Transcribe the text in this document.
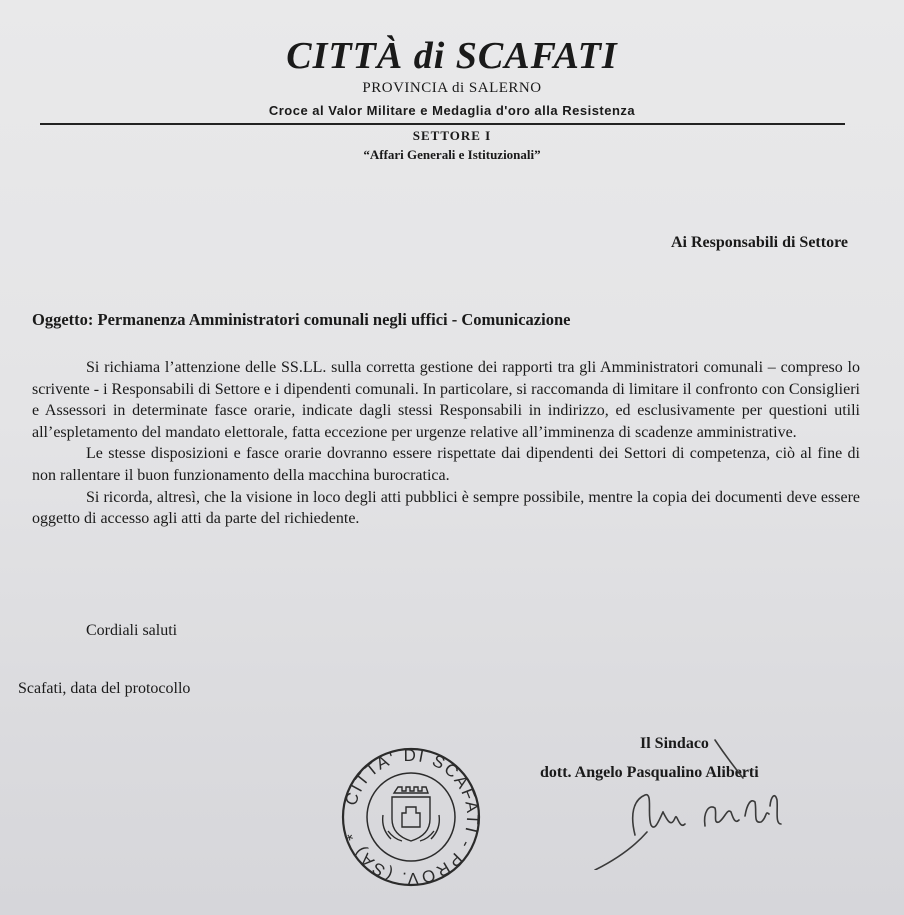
CITTÀ di SCAFATI
PROVINCIA di SALERNO
Croce al Valor Militare e Medaglia d'oro alla Resistenza
SETTORE I
“Affari Generali e Istituzionali”
Ai Responsabili di Settore
Oggetto: Permanenza Amministratori comunali negli uffici - Comunicazione

Si richiama l’attenzione delle SS.LL. sulla corretta gestione dei rapporti tra gli Amministratori comunali – compreso lo scrivente - i Responsabili di Settore e i dipendenti comunali. In particolare, si raccomanda di limitare il confronto con Consiglieri e Assessori in determinate fasce orarie, indicate dagli stessi Responsabili in indirizzo, ed esclusivamente per questioni utili all’espletamento del mandato elettorale, fatta eccezione per urgenze relative all’imminenza di scadenze amministrative.

Le stesse disposizioni e fasce orarie dovranno essere rispettate dai dipendenti dei Settori di competenza, ciò al fine di non rallentare il buon funzionamento della macchina burocratica.

Si ricorda, altresì, che la visione in loco degli atti pubblici è sempre possibile, mentre la copia dei documenti deve essere oggetto di accesso agli atti da parte del richiedente.

Cordiali saluti
Scafati, data del protocollo
Il Sindaco
dott. Angelo Pasqualino Aliberti
CITTA' DI SCAFATI - PROV. (SA) *
